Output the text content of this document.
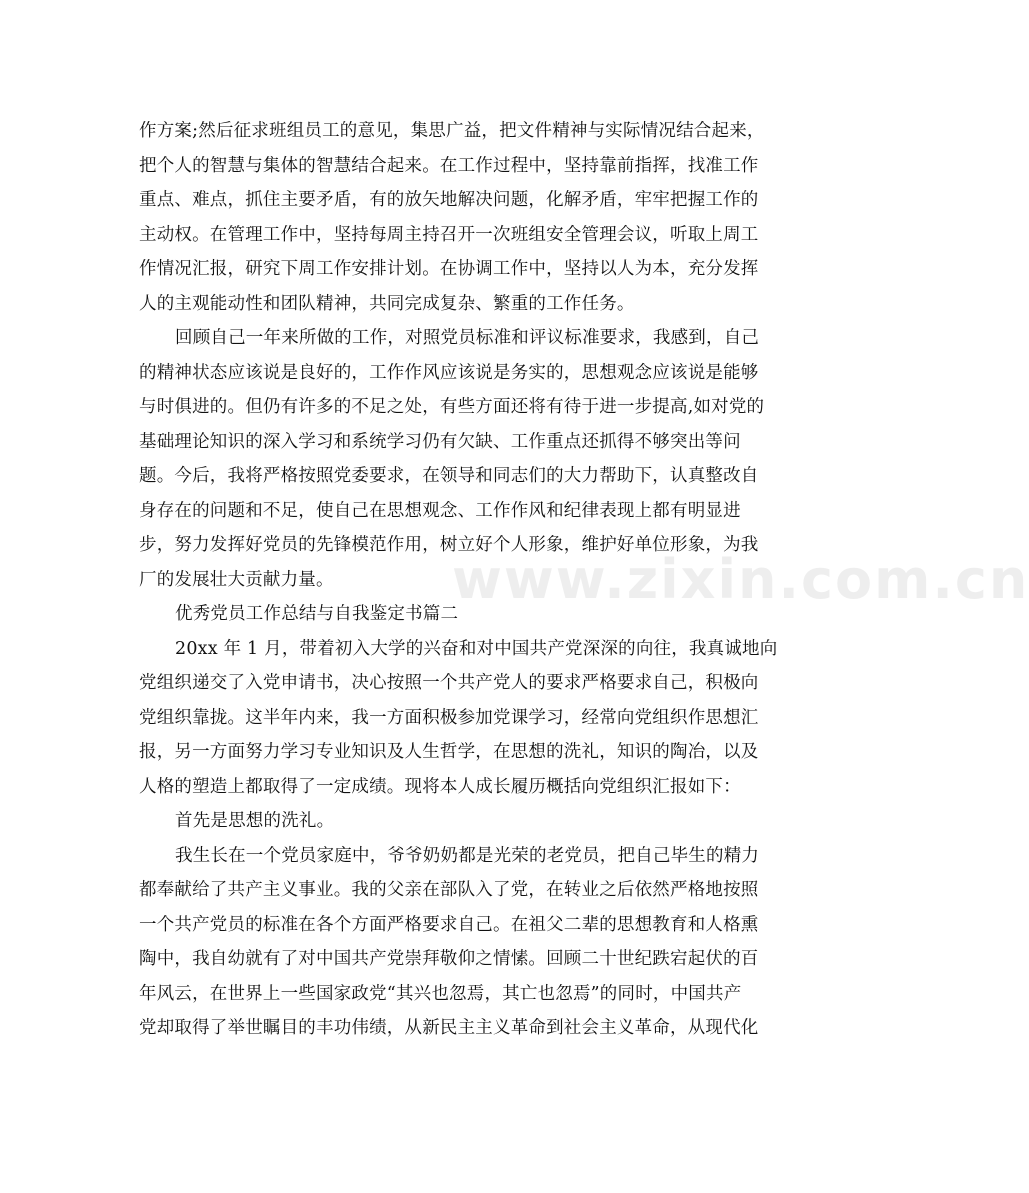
作方案;然后征求班组员工的意见，集思广益，把文件精神与实际情况结合起来，
把个人的智慧与集体的智慧结合起来。在工作过程中，坚持靠前指挥，找准工作
重点、难点，抓住主要矛盾，有的放矢地解决问题，化解矛盾，牢牢把握工作的
主动权。在管理工作中，坚持每周主持召开一次班组安全管理会议，听取上周工
作情况汇报，研究下周工作安排计划。在协调工作中，坚持以人为本，充分发挥
人的主观能动性和团队精神，共同完成复杂、繁重的工作任务。
回顾自己一年来所做的工作，对照党员标准和评议标准要求，我感到，自己
的精神状态应该说是良好的，工作作风应该说是务实的，思想观念应该说是能够
与时俱进的。但仍有许多的不足之处，有些方面还将有待于进一步提高,如对党的
基础理论知识的深入学习和系统学习仍有欠缺、工作重点还抓得不够突出等问
题。今后，我将严格按照党委要求，在领导和同志们的大力帮助下，认真整改自
身存在的问题和不足，使自己在思想观念、工作作风和纪律表现上都有明显进
步，努力发挥好党员的先锋模范作用，树立好个人形象，维护好单位形象，为我
厂的发展壮大贡献力量。
优秀党员工作总结与自我鉴定书篇二
20xx 年 1 月，带着初入大学的兴奋和对中国共产党深深的向往，我真诚地向
党组织递交了入党申请书，决心按照一个共产党人的要求严格要求自己，积极向
党组织靠拢。这半年内来，我一方面积极参加党课学习，经常向党组织作思想汇
报，另一方面努力学习专业知识及人生哲学，在思想的洗礼，知识的陶冶，以及
人格的塑造上都取得了一定成绩。现将本人成长履历概括向党组织汇报如下：
首先是思想的洗礼。
我生长在一个党员家庭中，爷爷奶奶都是光荣的老党员，把自己毕生的精力
都奉献给了共产主义事业。我的父亲在部队入了党，在转业之后依然严格地按照
一个共产党员的标准在各个方面严格要求自己。在祖父二辈的思想教育和人格熏
陶中，我自幼就有了对中国共产党崇拜敬仰之情愫。回顾二十世纪跌宕起伏的百
年风云，在世界上一些国家政党“其兴也忽焉，其亡也忽焉”的同时，中国共产
党却取得了举世瞩目的丰功伟绩，从新民主主义革命到社会主义革命，从现代化
www.zixin.com.cn
